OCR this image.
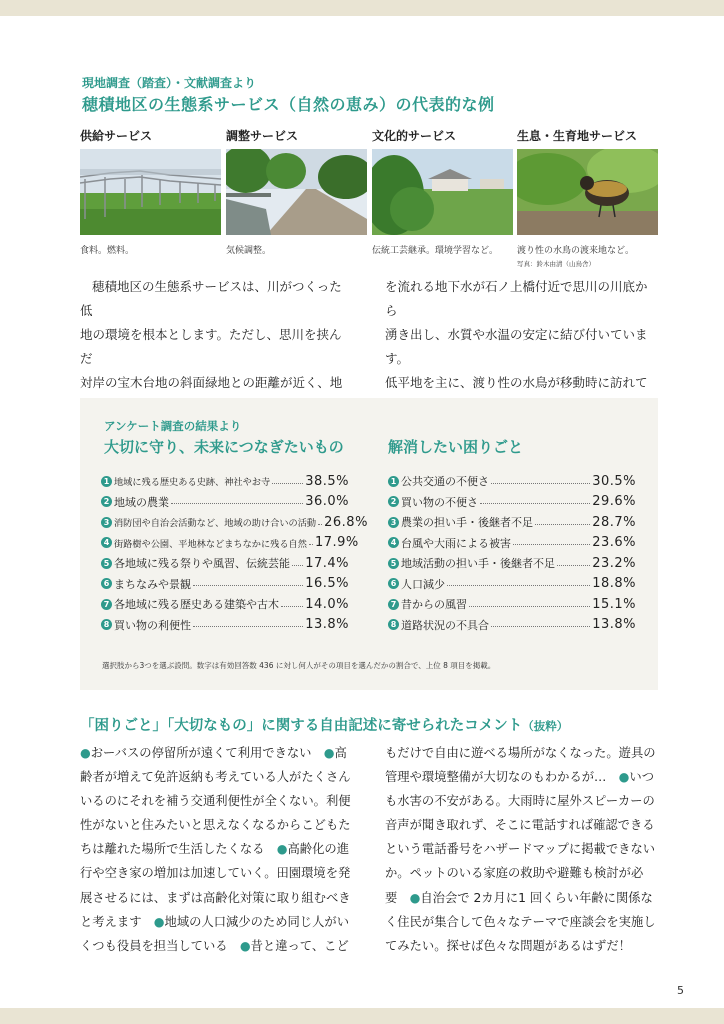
現地調査（踏査）・文献調査より
穂積地区の生態系サービス（自然の恵み）の代表的な例
供給サービス
食料。燃料。
調整サービス
気候調整。
文化的サービス
伝統工芸継承。環境学習など。
生息・生育地サービス
渡り性の水鳥の渡来地など。
写真：鈴木由清（山鳥舎）
穂積地区の生態系サービスは、川がつくった低
地の環境を根本とします。ただし、思川を挟んだ
対岸の宝木台地の斜面緑地との距離が近く、地
を流れる地下水が石ノ上橋付近で思川の川底から
湧き出し、水質や水温の安定に結び付いています。
低平地を主に、渡り性の水鳥が移動時に訪れて
アンケート調査の結果より
大切に守り、未来につなぎたいもの	解消したい困りごと
1 地域に残る歴史ある史跡、神社やお寺	38.5%
2 地域の農業	36.0%
3 消防団や自治会活動など、地域の助け合いの活動 26.8%
4 街路樹や公園、平地林などまちなかに残る自然 17.9%
5 各地域に残る祭りや風習、伝統芸能 17.4%
6 まちなみや景観	16.5%
7 各地域に残る歴史ある建築や古木 14.0%
8 買い物の利便性	13.8%
1 公共交通の不便さ	30.5%
2 買い物の不便さ	29.6%
3 農業の担い手・後継者不足	28.7%
4 台風や大雨による被害	23.6%
5 地域活動の担い手・後継者不足	23.2%
6 人口減少	18.8%
7 昔からの風習	15.1%
8 道路状況の不具合	13.8%
選択肢から3つを選ぶ設問。数字は有効回答数 436 に対し何人がその項目を選んだかの割合で、上位 8 項目を掲載。
「困りごと」「大切なもの」に関する自由記述に寄せられたコメント（抜粋）
●おーバスの停留所が遠くて利用できない　●高
齢者が増えて免許返納も考えている人がたくさん
いるのにそれを補う交通利便性が全くない。利便
性がないと住みたいと思えなくなるからこどもた
ちは離れた場所で生活したくなる　●高齢化の進
行や空き家の増加は加速していく。田園環境を発
展させるには、まずは高齢化対策に取り組むべき
と考えます　●地域の人口減少のため同じ人がい
くつも役員を担当している　●昔と違って、こど
もだけで自由に遊べる場所がなくなった。遊具の
管理や環境整備が大切なのもわかるが…　●いつ
も水害の不安がある。大雨時に屋外スピーカーの
音声が聞き取れず、そこに電話すれば確認できる
という電話番号をハザードマップに掲載できない
か。ペットのいる家庭の救助や避難も検討が必
要　●自治会で 2カ月に1 回くらい年齢に関係な
く住民が集合して色々なテーマで座談会を実施し
てみたい。探せば色々な問題があるはずだ！
5
